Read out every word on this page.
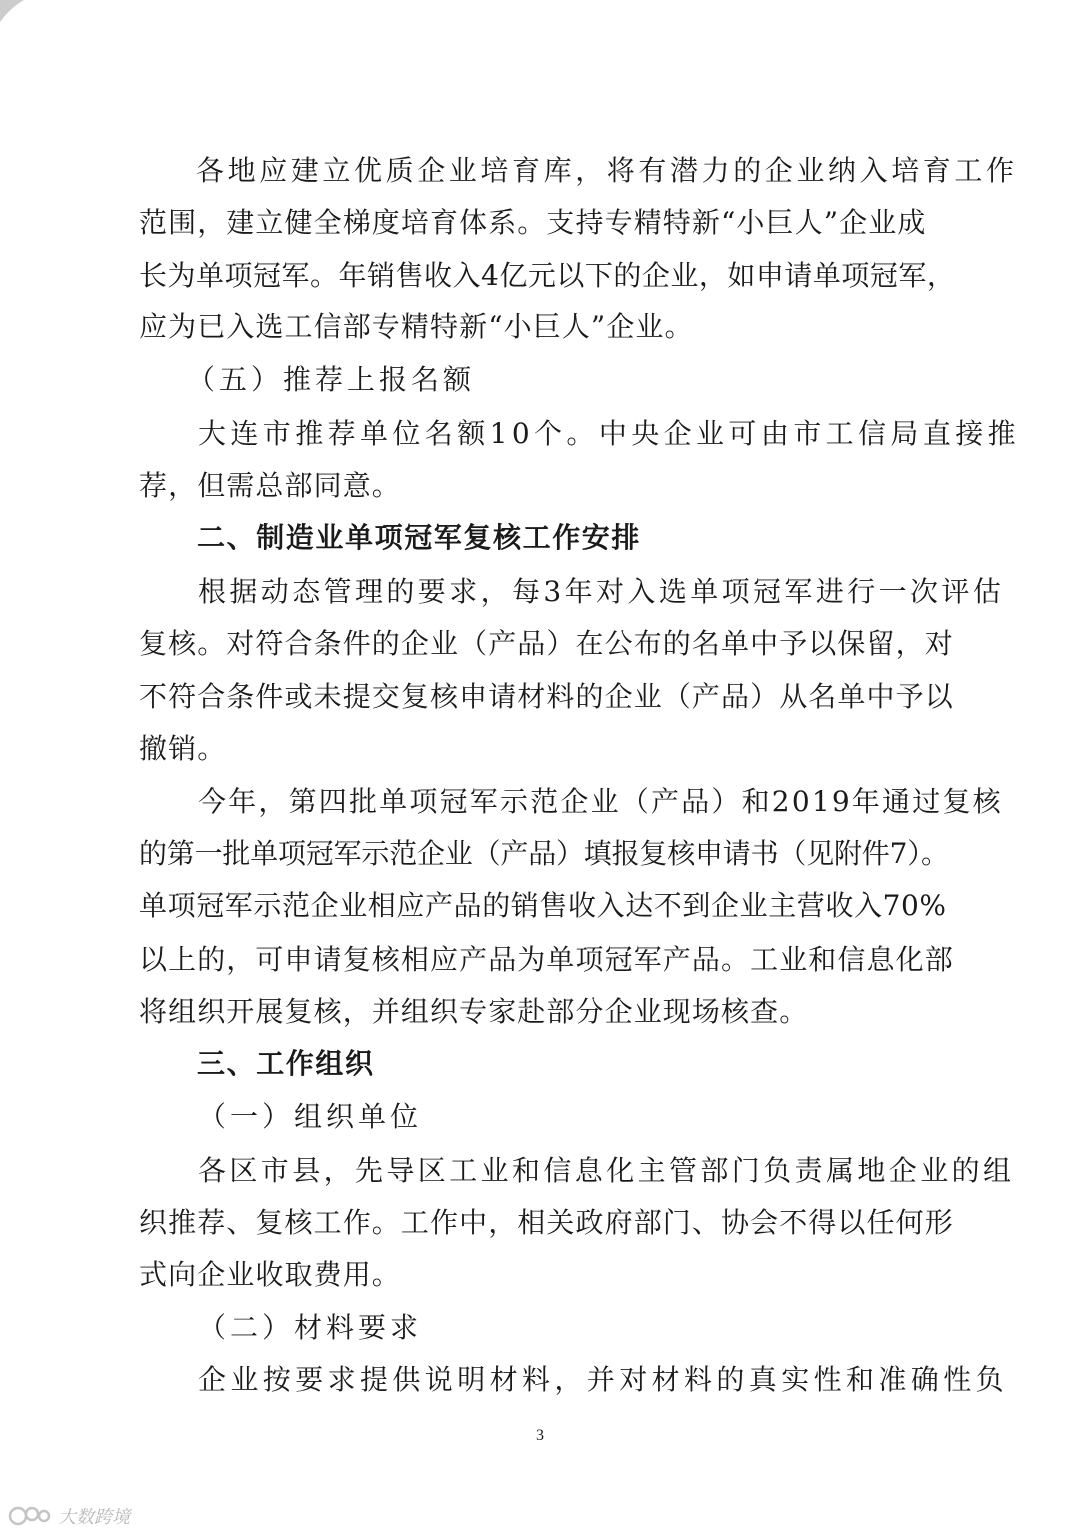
各地应建立优质企业培育库，将有潜力的企业纳入培育工作
范围，建立健全梯度培育体系。支持专精特新“小巨人”企业成
长为单项冠军。年销售收入4亿元以下的企业，如申请单项冠军，
应为已入选工信部专精特新“小巨人”企业。
（五）推荐上报名额
大连市推荐单位名额10个。中央企业可由市工信局直接推
荐，但需总部同意。
二、制造业单项冠军复核工作安排
根据动态管理的要求，每3年对入选单项冠军进行一次评估
复核。对符合条件的企业（产品）在公布的名单中予以保留，对
不符合条件或未提交复核申请材料的企业（产品）从名单中予以
撤销。
今年，第四批单项冠军示范企业（产品）和2019年通过复核
的第一批单项冠军示范企业（产品）填报复核申请书（见附件7）。
单项冠军示范企业相应产品的销售收入达不到企业主营收入70%
以上的，可申请复核相应产品为单项冠军产品。工业和信息化部
将组织开展复核，并组织专家赴部分企业现场核查。
三、工作组织
（一）组织单位
各区市县，先导区工业和信息化主管部门负责属地企业的组
织推荐、复核工作。工作中，相关政府部门、协会不得以任何形
式向企业收取费用。
（二）材料要求
企业按要求提供说明材料，并对材料的真实性和准确性负
3
大数跨境
